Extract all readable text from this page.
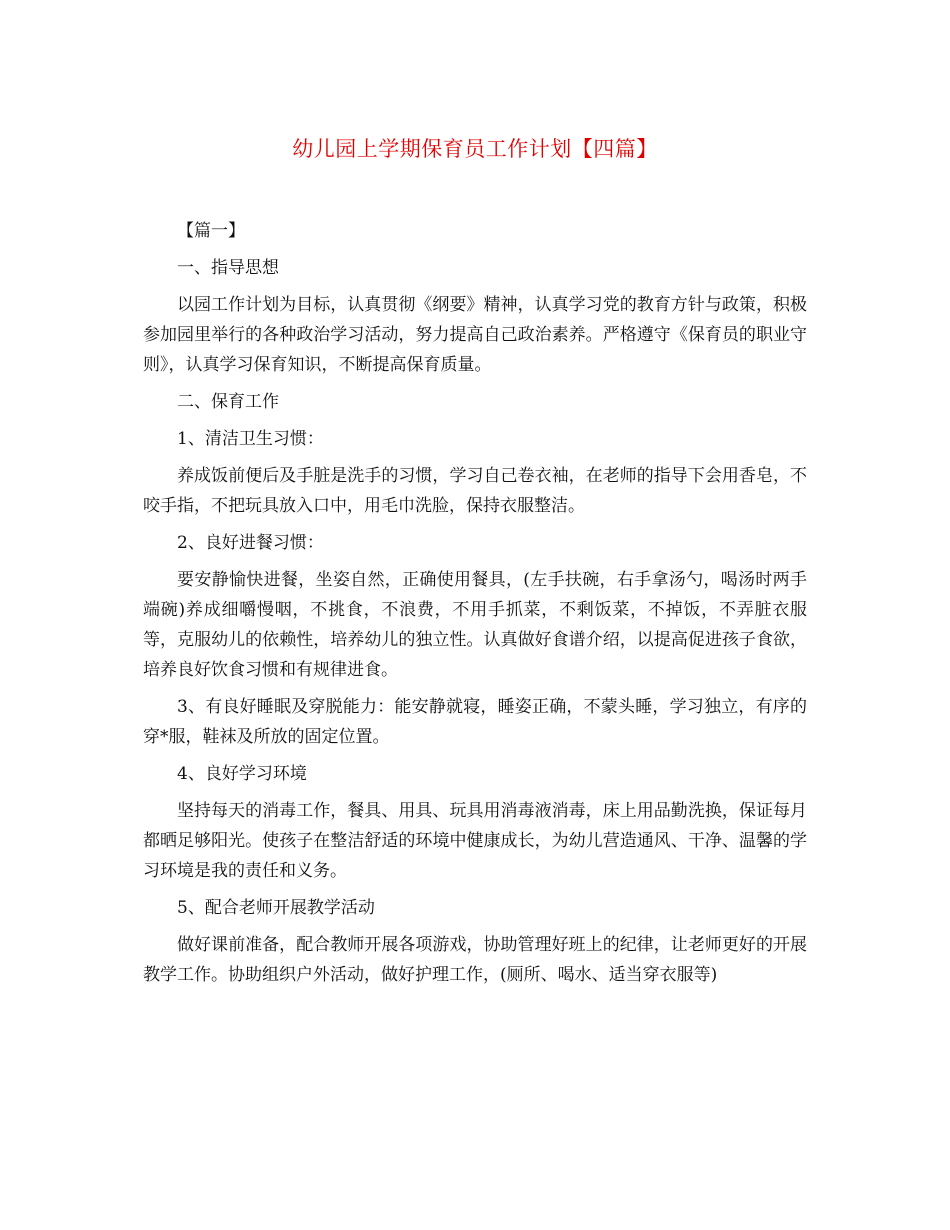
幼儿园上学期保育员工作计划【四篇】

【篇一】

一、指导思想

以园工作计划为目标，认真贯彻《纲要》精神，认真学习党的教育方针与政策，积极参加园里举行的各种政治学习活动，努力提高自己政治素养。严格遵守《保育员的职业守则》，认真学习保育知识，不断提高保育质量。

二、保育工作

1、清洁卫生习惯：

养成饭前便后及手脏是洗手的习惯，学习自己卷衣袖，在老师的指导下会用香皂，不咬手指，不把玩具放入口中，用毛巾洗脸，保持衣服整洁。

2、良好进餐习惯：

要安静愉快进餐，坐姿自然，正确使用餐具，(左手扶碗，右手拿汤勺，喝汤时两手端碗)养成细嚼慢咽，不挑食，不浪费，不用手抓菜，不剩饭菜，不掉饭，不弄脏衣服等，克服幼儿的依赖性，培养幼儿的独立性。认真做好食谱介绍，以提高促进孩子食欲，培养良好饮食习惯和有规律进食。

3、有良好睡眠及穿脱能力：能安静就寝，睡姿正确，不蒙头睡，学习独立，有序的穿*服，鞋袜及所放的固定位置。

4、良好学习环境

坚持每天的消毒工作，餐具、用具、玩具用消毒液消毒，床上用品勤洗换，保证每月都晒足够阳光。使孩子在整洁舒适的环境中健康成长，为幼儿营造通风、干净、温馨的学习环境是我的责任和义务。

5、配合老师开展教学活动

做好课前准备，配合教师开展各项游戏，协助管理好班上的纪律，让老师更好的开展教学工作。协助组织户外活动，做好护理工作，(厕所、喝水、适当穿衣服等)
